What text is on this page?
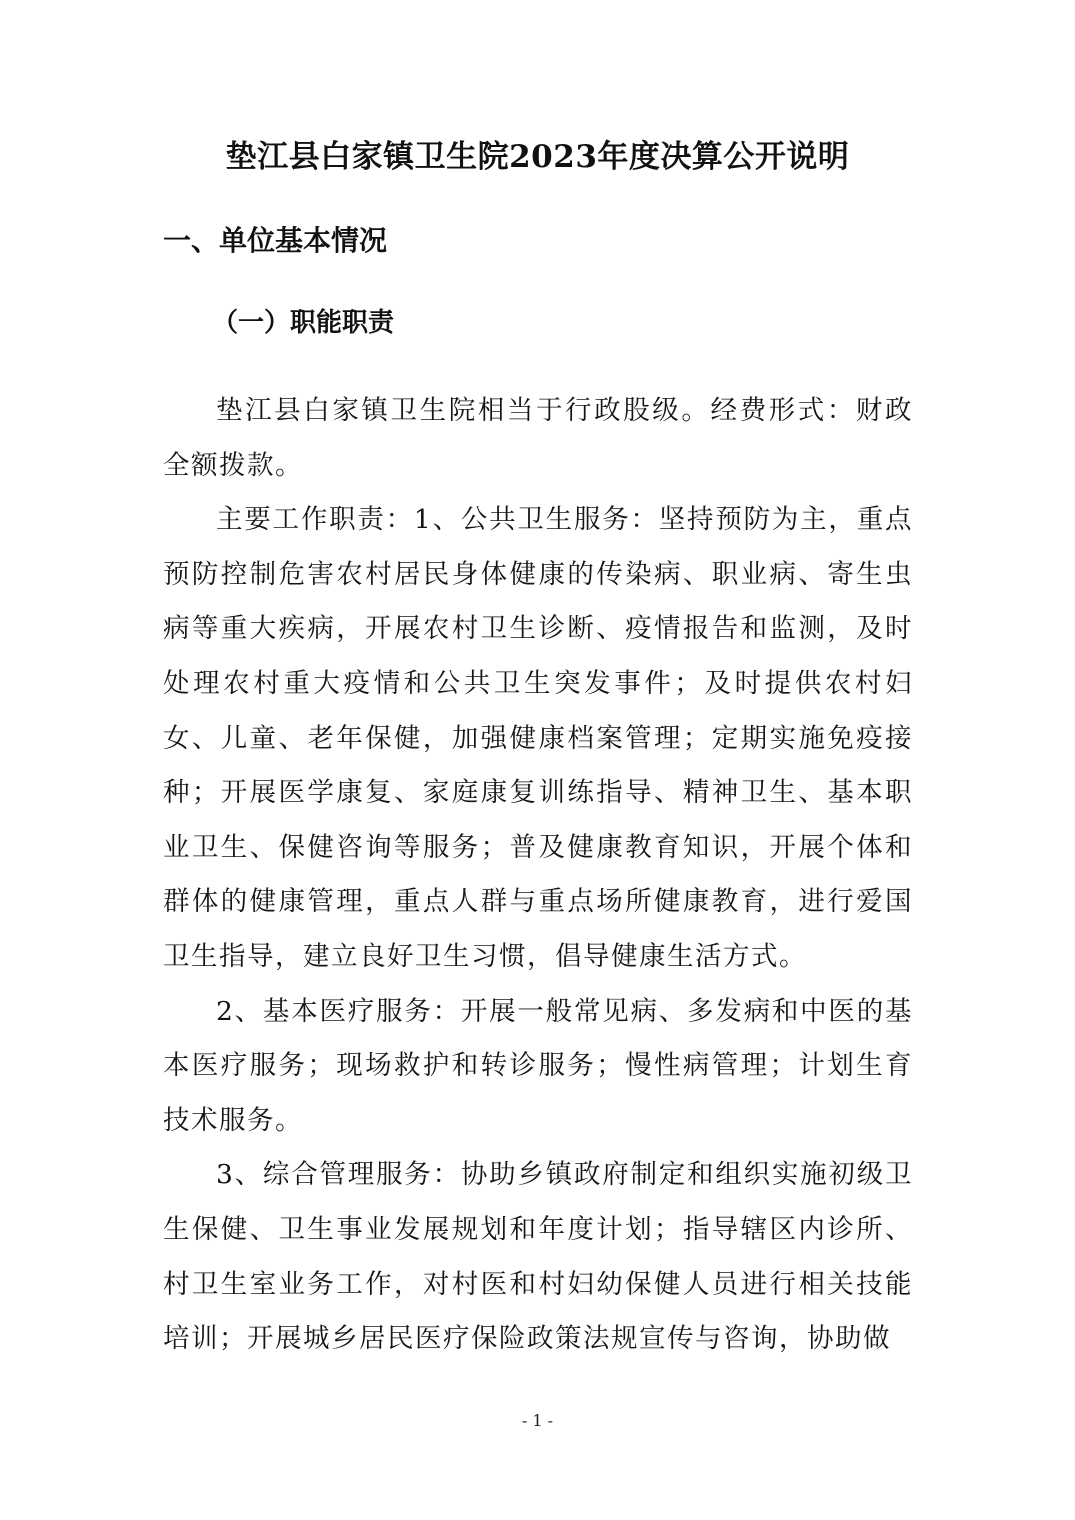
垫江县白家镇卫生院2023年度决算公开说明
一、单位基本情况
（一）职能职责

垫江县白家镇卫生院相当于行政股级。经费形式：财政全额拨款。

主要工作职责：1、公共卫生服务：坚持预防为主，重点预防控制危害农村居民身体健康的传染病、职业病、寄生虫病等重大疾病，开展农村卫生诊断、疫情报告和监测，及时处理农村重大疫情和公共卫生突发事件；及时提供农村妇女、儿童、老年保健，加强健康档案管理；定期实施免疫接种；开展医学康复、家庭康复训练指导、精神卫生、基本职业卫生、保健咨询等服务；普及健康教育知识，开展个体和群体的健康管理，重点人群与重点场所健康教育，进行爱国卫生指导，建立良好卫生习惯，倡导健康生活方式。

2、基本医疗服务：开展一般常见病、多发病和中医的基本医疗服务；现场救护和转诊服务；慢性病管理；计划生育技术服务。

3、综合管理服务：协助乡镇政府制定和组织实施初级卫生保健、卫生事业发展规划和年度计划；指导辖区内诊所、村卫生室业务工作，对村医和村妇幼保健人员进行相关技能培训；开展城乡居民医疗保险政策法规宣传与咨询，协助做

- 1 -
